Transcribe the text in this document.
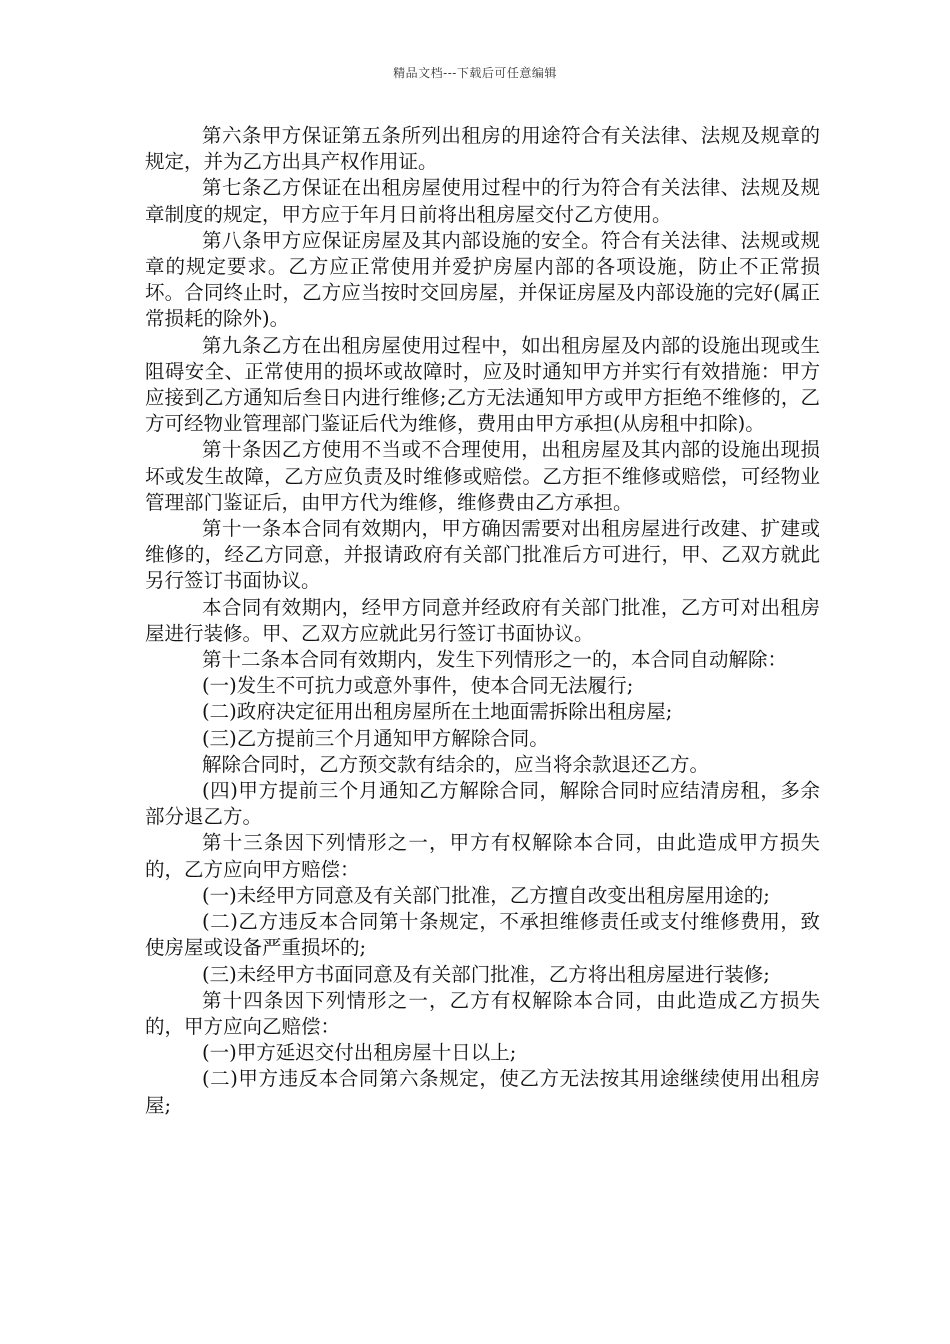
精品文档---下载后可任意编辑

第六条甲方保证第五条所列出租房的用途符合有关法律、法规及规章的规定，并为乙方出具产权作用证。

第七条乙方保证在出租房屋使用过程中的行为符合有关法律、法规及规章制度的规定，甲方应于年月日前将出租房屋交付乙方使用。

第八条甲方应保证房屋及其内部设施的安全。符合有关法律、法规或规章的规定要求。乙方应正常使用并爱护房屋内部的各项设施，防止不正常损坏。合同终止时，乙方应当按时交回房屋，并保证房屋及内部设施的完好(属正常损耗的除外)。

第九条乙方在出租房屋使用过程中，如出租房屋及内部的设施出现或生阻碍安全、正常使用的损坏或故障时，应及时通知甲方并实行有效措施：甲方应接到乙方通知后叁日内进行维修;乙方无法通知甲方或甲方拒绝不维修的，乙方可经物业管理部门鉴证后代为维修，费用由甲方承担(从房租中扣除)。

第十条因乙方使用不当或不合理使用，出租房屋及其内部的设施出现损坏或发生故障，乙方应负责及时维修或赔偿。乙方拒不维修或赔偿，可经物业管理部门鉴证后，由甲方代为维修，维修费由乙方承担。

第十一条本合同有效期内，甲方确因需要对出租房屋进行改建、扩建或维修的，经乙方同意，并报请政府有关部门批准后方可进行，甲、乙双方就此另行签订书面协议。

本合同有效期内，经甲方同意并经政府有关部门批准，乙方可对出租房屋进行装修。甲、乙双方应就此另行签订书面协议。

第十二条本合同有效期内，发生下列情形之一的，本合同自动解除：

(一)发生不可抗力或意外事件，使本合同无法履行;

(二)政府决定征用出租房屋所在土地面需拆除出租房屋;

(三)乙方提前三个月通知甲方解除合同。

解除合同时，乙方预交款有结余的，应当将余款退还乙方。

(四)甲方提前三个月通知乙方解除合同，解除合同时应结清房租，多余部分退乙方。

第十三条因下列情形之一，甲方有权解除本合同，由此造成甲方损失的，乙方应向甲方赔偿：

(一)未经甲方同意及有关部门批准，乙方擅自改变出租房屋用途的;

(二)乙方违反本合同第十条规定，不承担维修责任或支付维修费用，致使房屋或设备严重损坏的;

(三)未经甲方书面同意及有关部门批准，乙方将出租房屋进行装修;

第十四条因下列情形之一，乙方有权解除本合同，由此造成乙方损失的，甲方应向乙赔偿：

(一)甲方延迟交付出租房屋十日以上;

(二)甲方违反本合同第六条规定，使乙方无法按其用途继续使用出租房屋;
